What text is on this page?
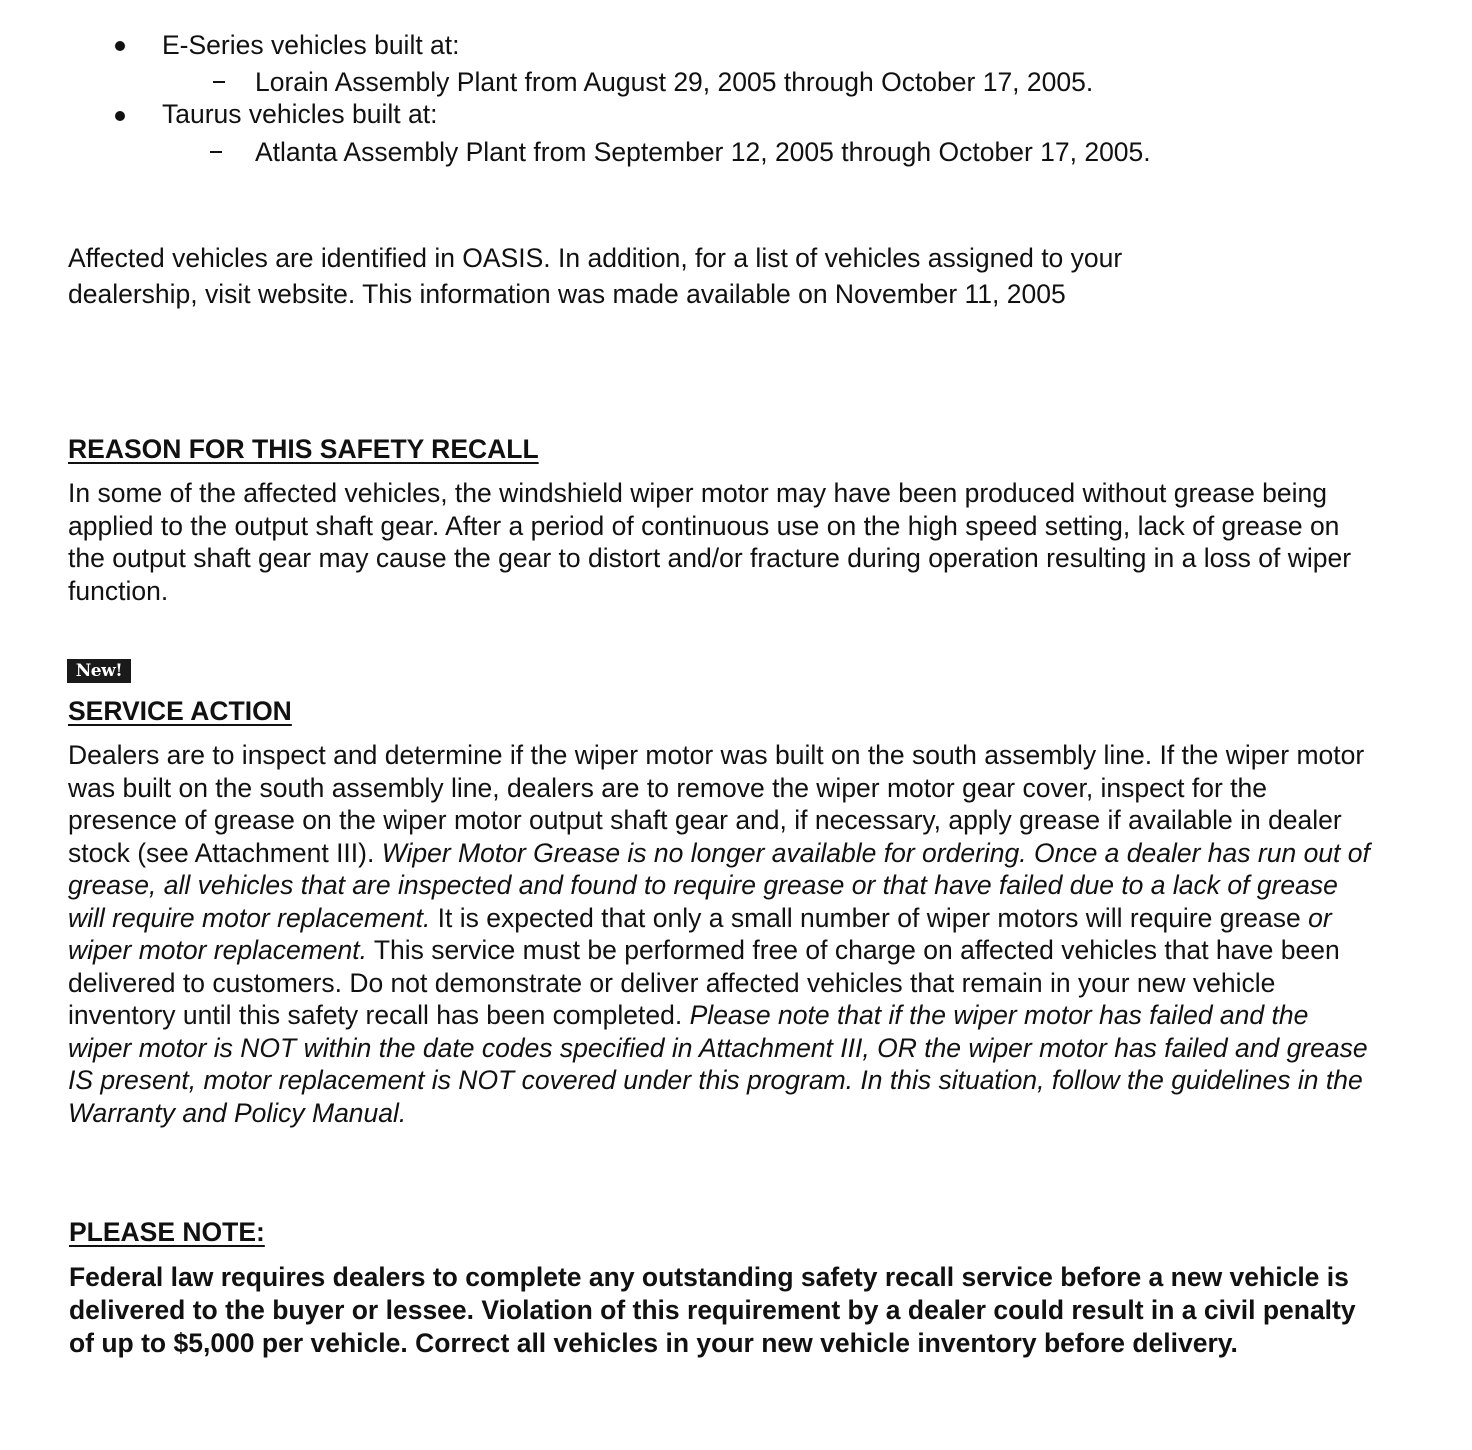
E-Series vehicles built at:
Lorain Assembly Plant from August 29, 2005 through October 17, 2005.
Taurus vehicles built at:
Atlanta Assembly Plant from September 12, 2005 through October 17, 2005.
Affected vehicles are identified in OASIS. In addition, for a list of vehicles assigned to your
dealership, visit website. This information was made available on November 11, 2005
REASON FOR THIS SAFETY RECALL
In some of the affected vehicles, the windshield wiper motor may have been produced without grease being applied to the output shaft gear. After a period of continuous use on the high speed setting, lack of grease on the output shaft gear may cause the gear to distort and/or fracture during operation resulting in a loss of wiper function.
New!
SERVICE ACTION
Dealers are to inspect and determine if the wiper motor was built on the south assembly line. If the wiper motor was built on the south assembly line, dealers are to remove the wiper motor gear cover, inspect for the presence of grease on the wiper motor output shaft gear and, if necessary, apply grease if available in dealer stock (see Attachment III). Wiper Motor Grease is no longer available for ordering. Once a dealer has run out of grease, all vehicles that are inspected and found to require grease or that have failed due to a lack of grease will require motor replacement. It is expected that only a small number of wiper motors will require grease or wiper motor replacement. This service must be performed free of charge on affected vehicles that have been delivered to customers. Do not demonstrate or deliver affected vehicles that remain in your new vehicle inventory until this safety recall has been completed. Please note that if the wiper motor has failed and the wiper motor is NOT within the date codes specified in Attachment III, OR the wiper motor has failed and grease IS present, motor replacement is NOT covered under this program. In this situation, follow the guidelines in the Warranty and Policy Manual.
PLEASE NOTE:
Federal law requires dealers to complete any outstanding safety recall service before a new vehicle is delivered to the buyer or lessee. Violation of this requirement by a dealer could result in a civil penalty of up to $5,000 per vehicle. Correct all vehicles in your new vehicle inventory before delivery.
